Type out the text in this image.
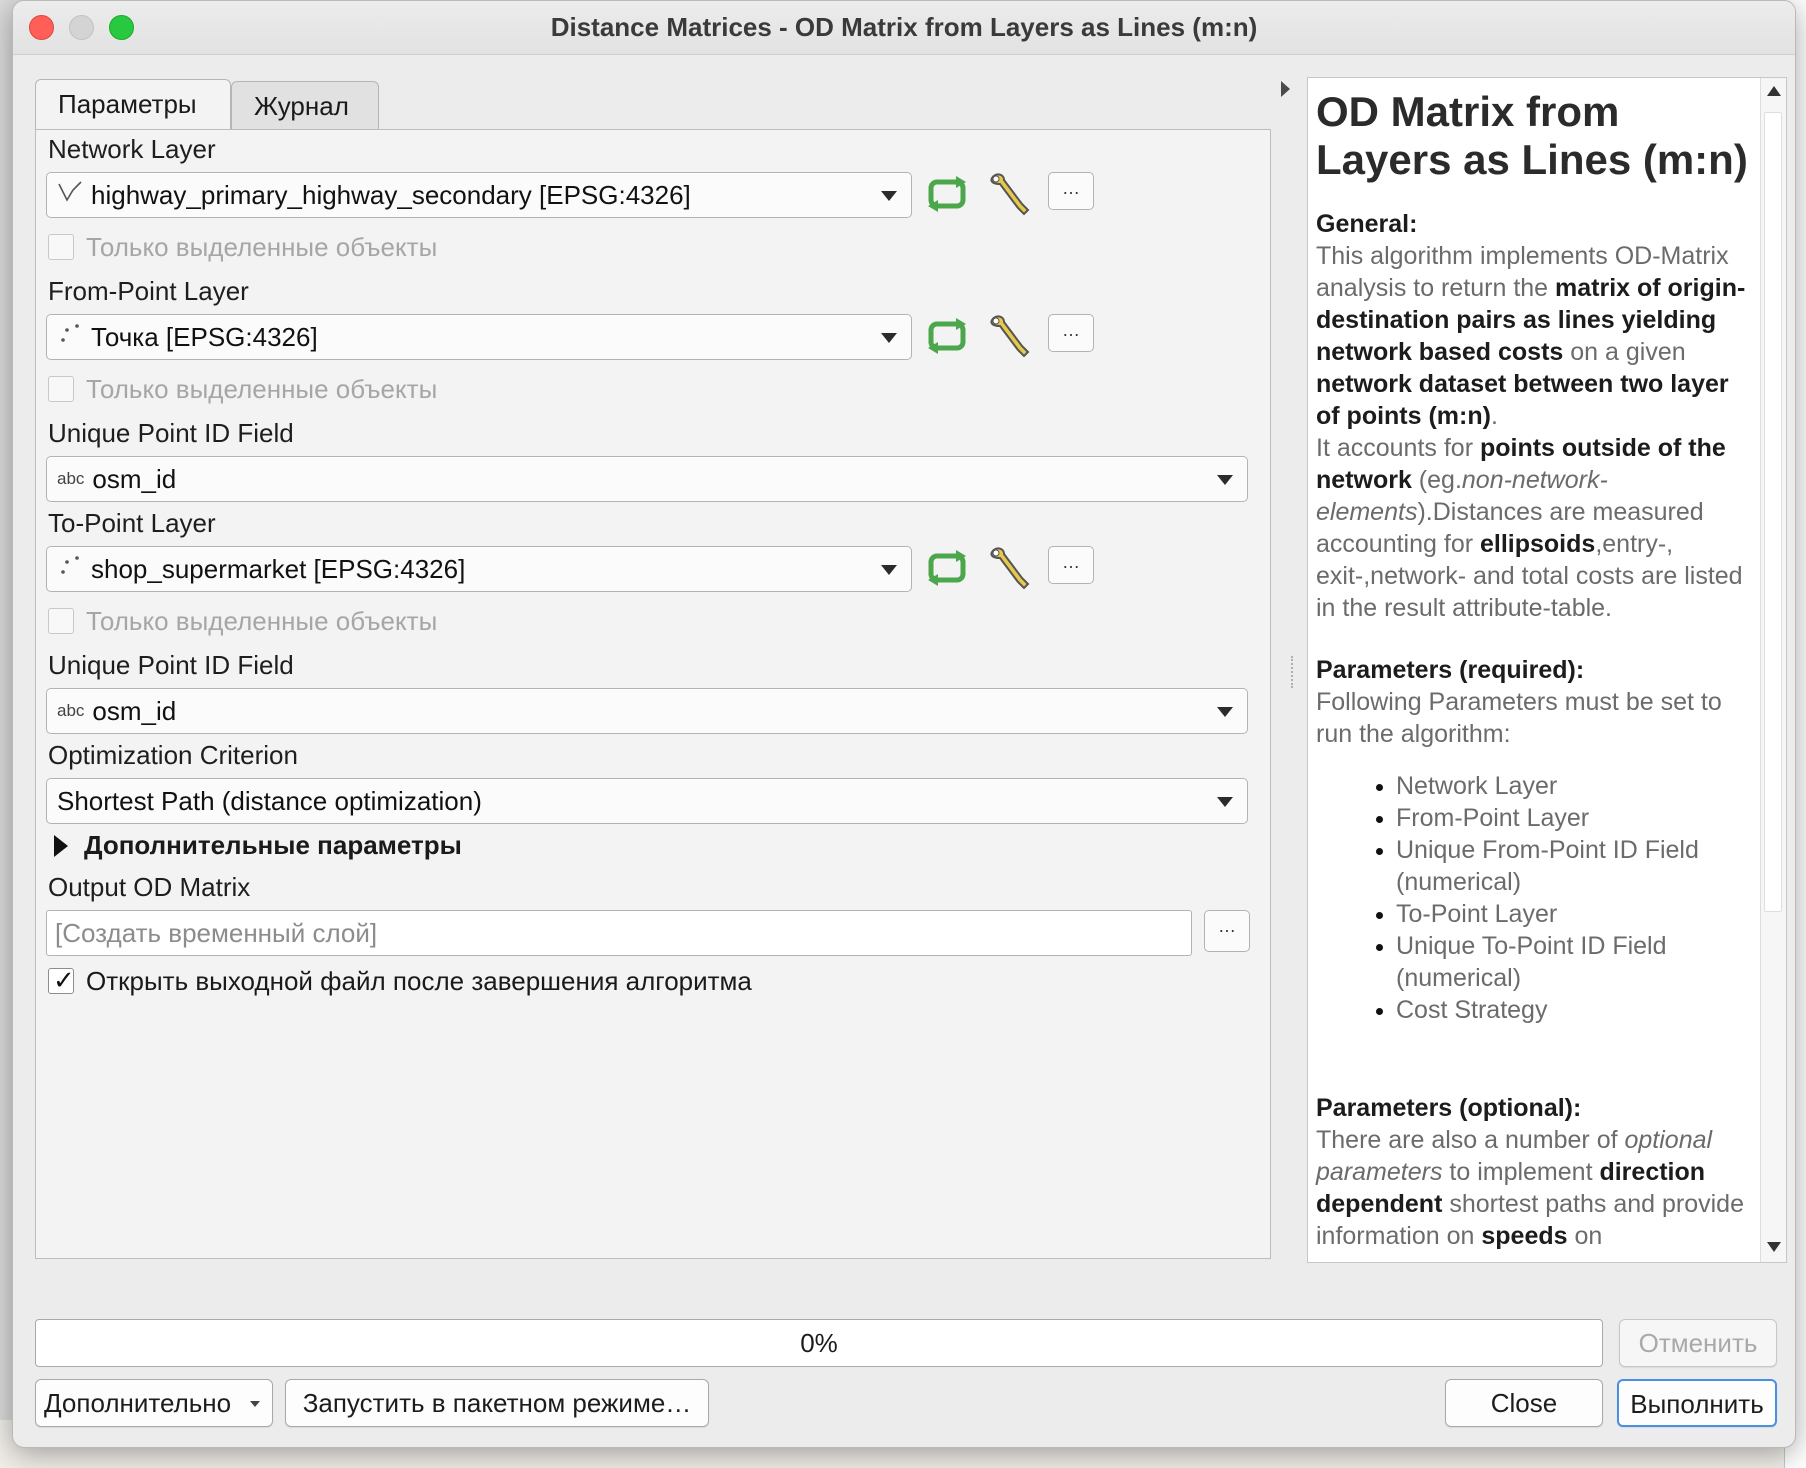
Distance Matrices - OD Matrix from Layers as Lines (m:n)
Параметры	Журнал
Network Layer
highway_primary_highway_secondary [EPSG:4326]	…
Только выделенные объекты
From-Point Layer
Точка [EPSG:4326]	…
Только выделенные объекты
Unique Point ID Field
abc osm_id
To-Point Layer
shop_supermarket [EPSG:4326]	…
Только выделенные объекты
Unique Point ID Field
abc osm_id
Optimization Criterion
Shortest Path (distance optimization)
Дополнительные параметры
Output OD Matrix
[Создать временный слой]	…
✓ Открыть выходной файл после завершения алгоритма
OD Matrix from Layers as Lines (m:n)
General:

This algorithm implements OD-Matrix analysis to return the matrix of origin-destination pairs as lines yielding network based costs on a given network dataset between two layer of points (m:n).

It accounts for points outside of the network (eg.non-network-elements).Distances are measured accounting for ellipsoids,entry-, exit-,network- and total costs are listed in the result attribute-table.

Parameters (required):

Following Parameters must be set to run the algorithm:

• Network Layer
• From-Point Layer
• Unique From-Point ID Field (numerical)
• To-Point Layer
• Unique To-Point ID Field (numerical)
• Cost Strategy
Parameters (optional):

There are also a number of optional parameters to implement direction dependent shortest paths and provide information on speeds on

0%	Отменить
Дополнительно	Запустить в пакетном режиме…	Close	Выполнить
